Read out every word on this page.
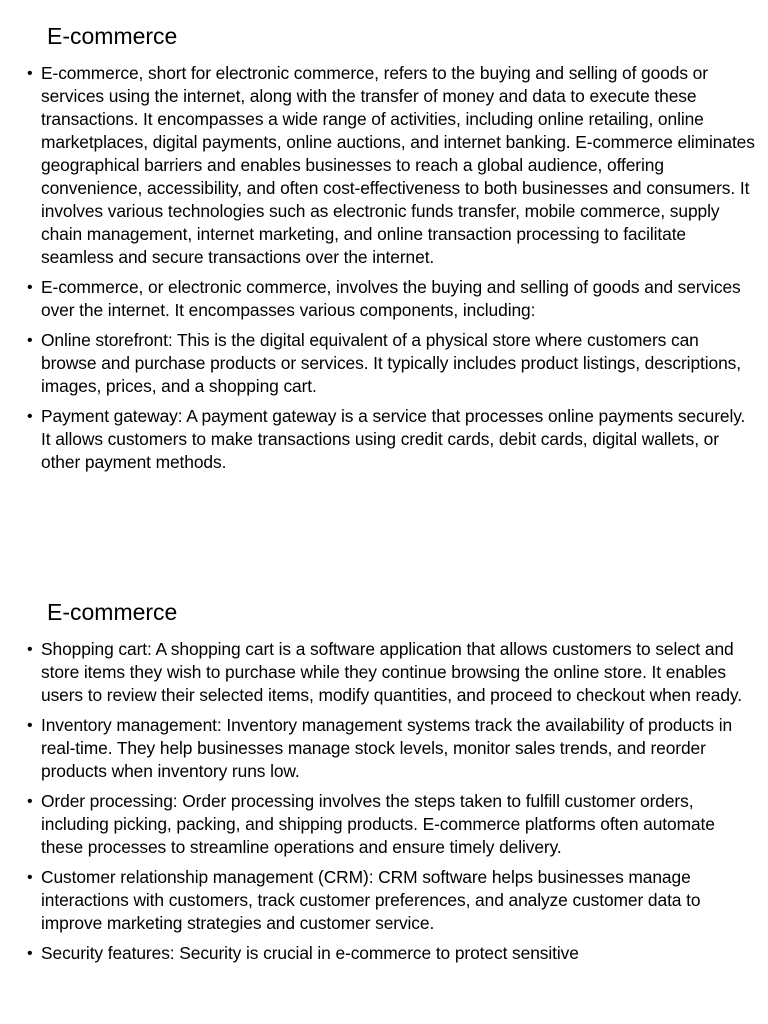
E-commerce
• E-commerce, short for electronic commerce, refers to the buying and selling of goods or services using the internet, along with the transfer of money and data to execute these transactions. It encompasses a wide range of activities, including online retailing, online marketplaces, digital payments, online auctions, and internet banking. E-commerce eliminates geographical barriers and enables businesses to reach a global audience, offering convenience, accessibility, and often cost-effectiveness to both businesses and consumers. It involves various technologies such as electronic funds transfer, mobile commerce, supply chain management, internet marketing, and online transaction processing to facilitate seamless and secure transactions over the internet.
• E-commerce, or electronic commerce, involves the buying and selling of goods and services over the internet. It encompasses various components, including:
• Online storefront: This is the digital equivalent of a physical store where customers can browse and purchase products or services. It typically includes product listings, descriptions, images, prices, and a shopping cart.
• Payment gateway: A payment gateway is a service that processes online payments securely. It allows customers to make transactions using credit cards, debit cards, digital wallets, or other payment methods.
E-commerce
• Shopping cart: A shopping cart is a software application that allows customers to select and store items they wish to purchase while they continue browsing the online store. It enables users to review their selected items, modify quantities, and proceed to checkout when ready.
• Inventory management: Inventory management systems track the availability of products in real-time. They help businesses manage stock levels, monitor sales trends, and reorder products when inventory runs low.
• Order processing: Order processing involves the steps taken to fulfill customer orders, including picking, packing, and shipping products. E-commerce platforms often automate these processes to streamline operations and ensure timely delivery.
• Customer relationship management (CRM): CRM software helps businesses manage interactions with customers, track customer preferences, and analyze customer data to improve marketing strategies and customer service.
• Security features: Security is crucial in e-commerce to protect sensitive
